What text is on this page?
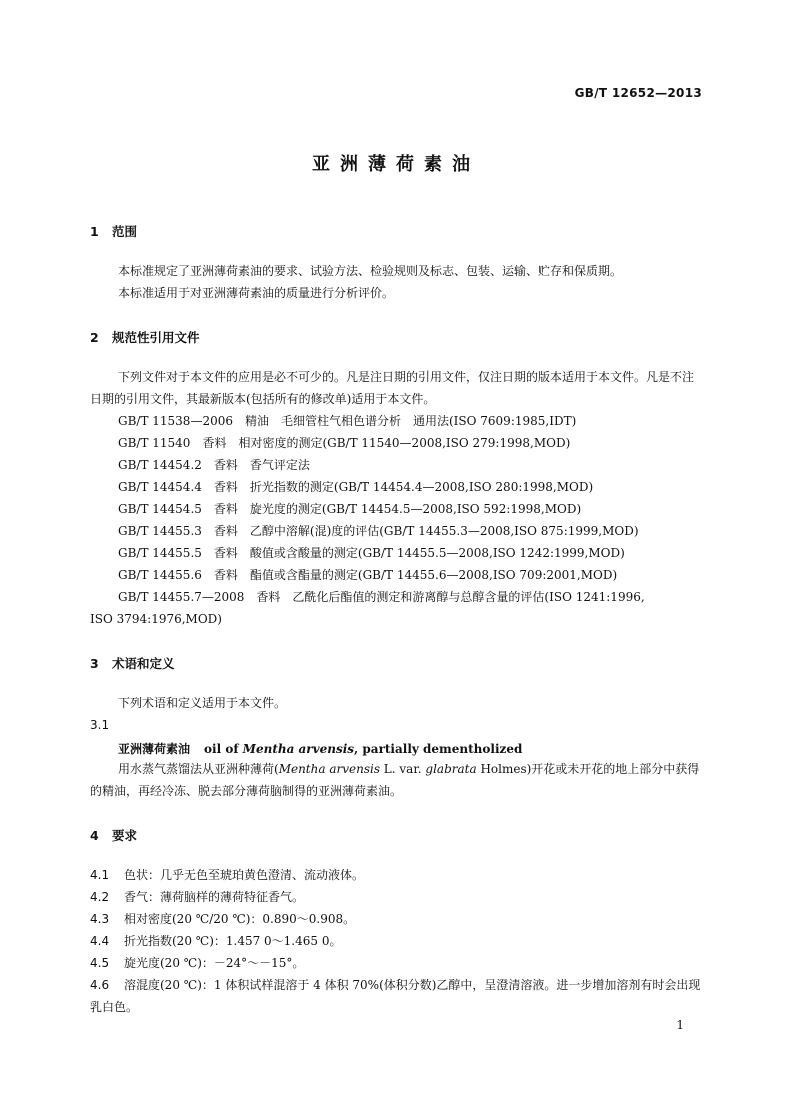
GB/T 12652—2013
亚洲薄荷素油
1 范围
本标准规定了亚洲薄荷素油的要求、试验方法、检验规则及标志、包装、运输、贮存和保质期。
本标准适用于对亚洲薄荷素油的质量进行分析评价。
2 规范性引用文件
下列文件对于本文件的应用是必不可少的。凡是注日期的引用文件，仅注日期的版本适用于本文件。凡是不注日期的引用文件，其最新版本(包括所有的修改单)适用于本文件。
GB/T 11538—2006　精油　毛细管柱气相色谱分析　通用法(ISO 7609:1985,IDT)
GB/T 11540　香料　相对密度的测定(GB/T 11540—2008,ISO 279:1998,MOD)
GB/T 14454.2　香料　香气评定法
GB/T 14454.4　香料　折光指数的测定(GB/T 14454.4—2008,ISO 280:1998,MOD)
GB/T 14454.5　香料　旋光度的测定(GB/T 14454.5—2008,ISO 592:1998,MOD)
GB/T 14455.3　香料　乙醇中溶解(混)度的评估(GB/T 14455.3—2008,ISO 875:1999,MOD)
GB/T 14455.5　香料　酸值或含酸量的测定(GB/T 14455.5—2008,ISO 1242:1999,MOD)
GB/T 14455.6　香料　酯值或含酯量的测定(GB/T 14455.6—2008,ISO 709:2001,MOD)
GB/T 14455.7—2008　香料　乙酰化后酯值的测定和游离醇与总醇含量的评估(ISO 1241:1996,
ISO 3794:1976,MOD)
3 术语和定义
下列术语和定义适用于本文件。
3.1
亚洲薄荷素油 oil of Mentha arvensis, partially dementholized
用水蒸气蒸馏法从亚洲种薄荷(Mentha arvensis L. var. glabrata Holmes)开花或未开花的地上部分中获得的精油，再经冷冻、脱去部分薄荷脑制得的亚洲薄荷素油。
4 要求
4.1 色状：几乎无色至琥珀黄色澄清、流动液体。
4.2 香气：薄荷脑样的薄荷特征香气。
4.3 相对密度(20 ℃/20 ℃)：0.890～0.908。
4.4 折光指数(20 ℃)：1.457 0～1.465 0。
4.5 旋光度(20 ℃)：－24°～－15°。
4.6 溶混度(20 ℃)：1 体积试样混溶于 4 体积 70%(体积分数)乙醇中，呈澄清溶液。进一步增加溶剂有时会出现乳白色。
1
